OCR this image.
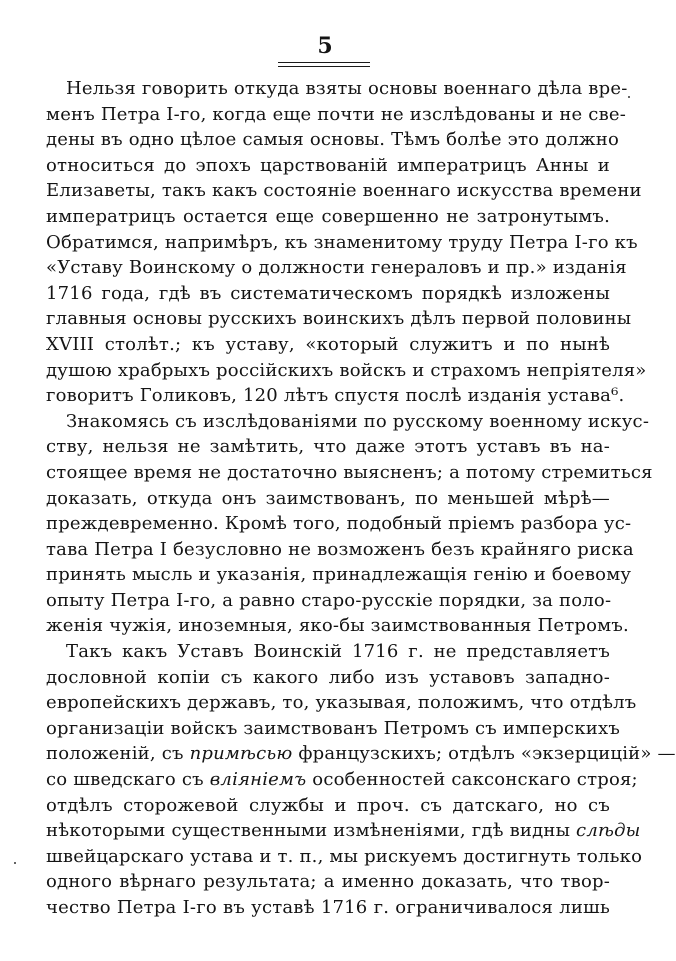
5
Нельзя говорить откуда взяты основы военнаго дѣла вре-
менъ Петра I-го, когда еще почти не изслѣдованы и не све-
дены въ одно цѣлое самыя основы. Тѣмъ болѣе это должно
относиться до эпохъ царствованій императрицъ Анны и
Елизаветы, такъ какъ состояніе военнаго искусства времени
императрицъ остается еще совершенно не затронутымъ.
Обратимся, напримѣръ, къ знаменитому труду Петра I-го къ
«Уставу Воинскому о должности генераловъ и пр.» изданія
1716 года, гдѣ въ систематическомъ порядкѣ изложены
главныя основы русскихъ воинскихъ дѣлъ первой половины
XVIII столѣт.; къ уставу, «который служитъ и по нынѣ
душою храбрыхъ россійскихъ войскъ и страхомъ непріятеля»
говоритъ Голиковъ, 120 лѣтъ спустя послѣ изданія устава⁶.
Знакомясь съ изслѣдованіями по русскому военному искус-
ству, нельзя не замѣтить, что даже этотъ уставъ въ на-
стоящее время не достаточно выясненъ; а потому стремиться
доказать, откуда онъ заимствованъ, по меньшей мѣрѣ—
преждевременно. Кромѣ того, подобный пріемъ разбора ус-
тава Петра I безусловно не возможенъ безъ крайняго риска
принять мысль и указанія, принадлежащія генію и боевому
опыту Петра I-го, а равно старо-русскіе порядки, за поло-
женія чужія, иноземныя, яко-бы заимствованныя Петромъ.
Такъ какъ Уставъ Воинскій 1716 г. не представляетъ
дословной копіи съ какого либо изъ уставовъ западно-
европейскихъ державъ, то, указывая, положимъ, что отдѣлъ
организаціи войскъ заимствованъ Петромъ съ имперскихъ
положеній, съ примѣсью французскихъ; отдѣлъ «экзерцицій» —
со шведскаго съ вліяніемъ особенностей саксонскаго строя;
отдѣлъ сторожевой службы и проч. съ датскаго, но съ
нѣкоторыми существенными измѣненіями, гдѣ видны слѣды
швейцарскаго устава и т. п., мы рискуемъ достигнуть только
одного вѣрнаго результата; а именно доказать, что твор-
чество Петра I-го въ уставѣ 1716 г. ограничивалося лишь
